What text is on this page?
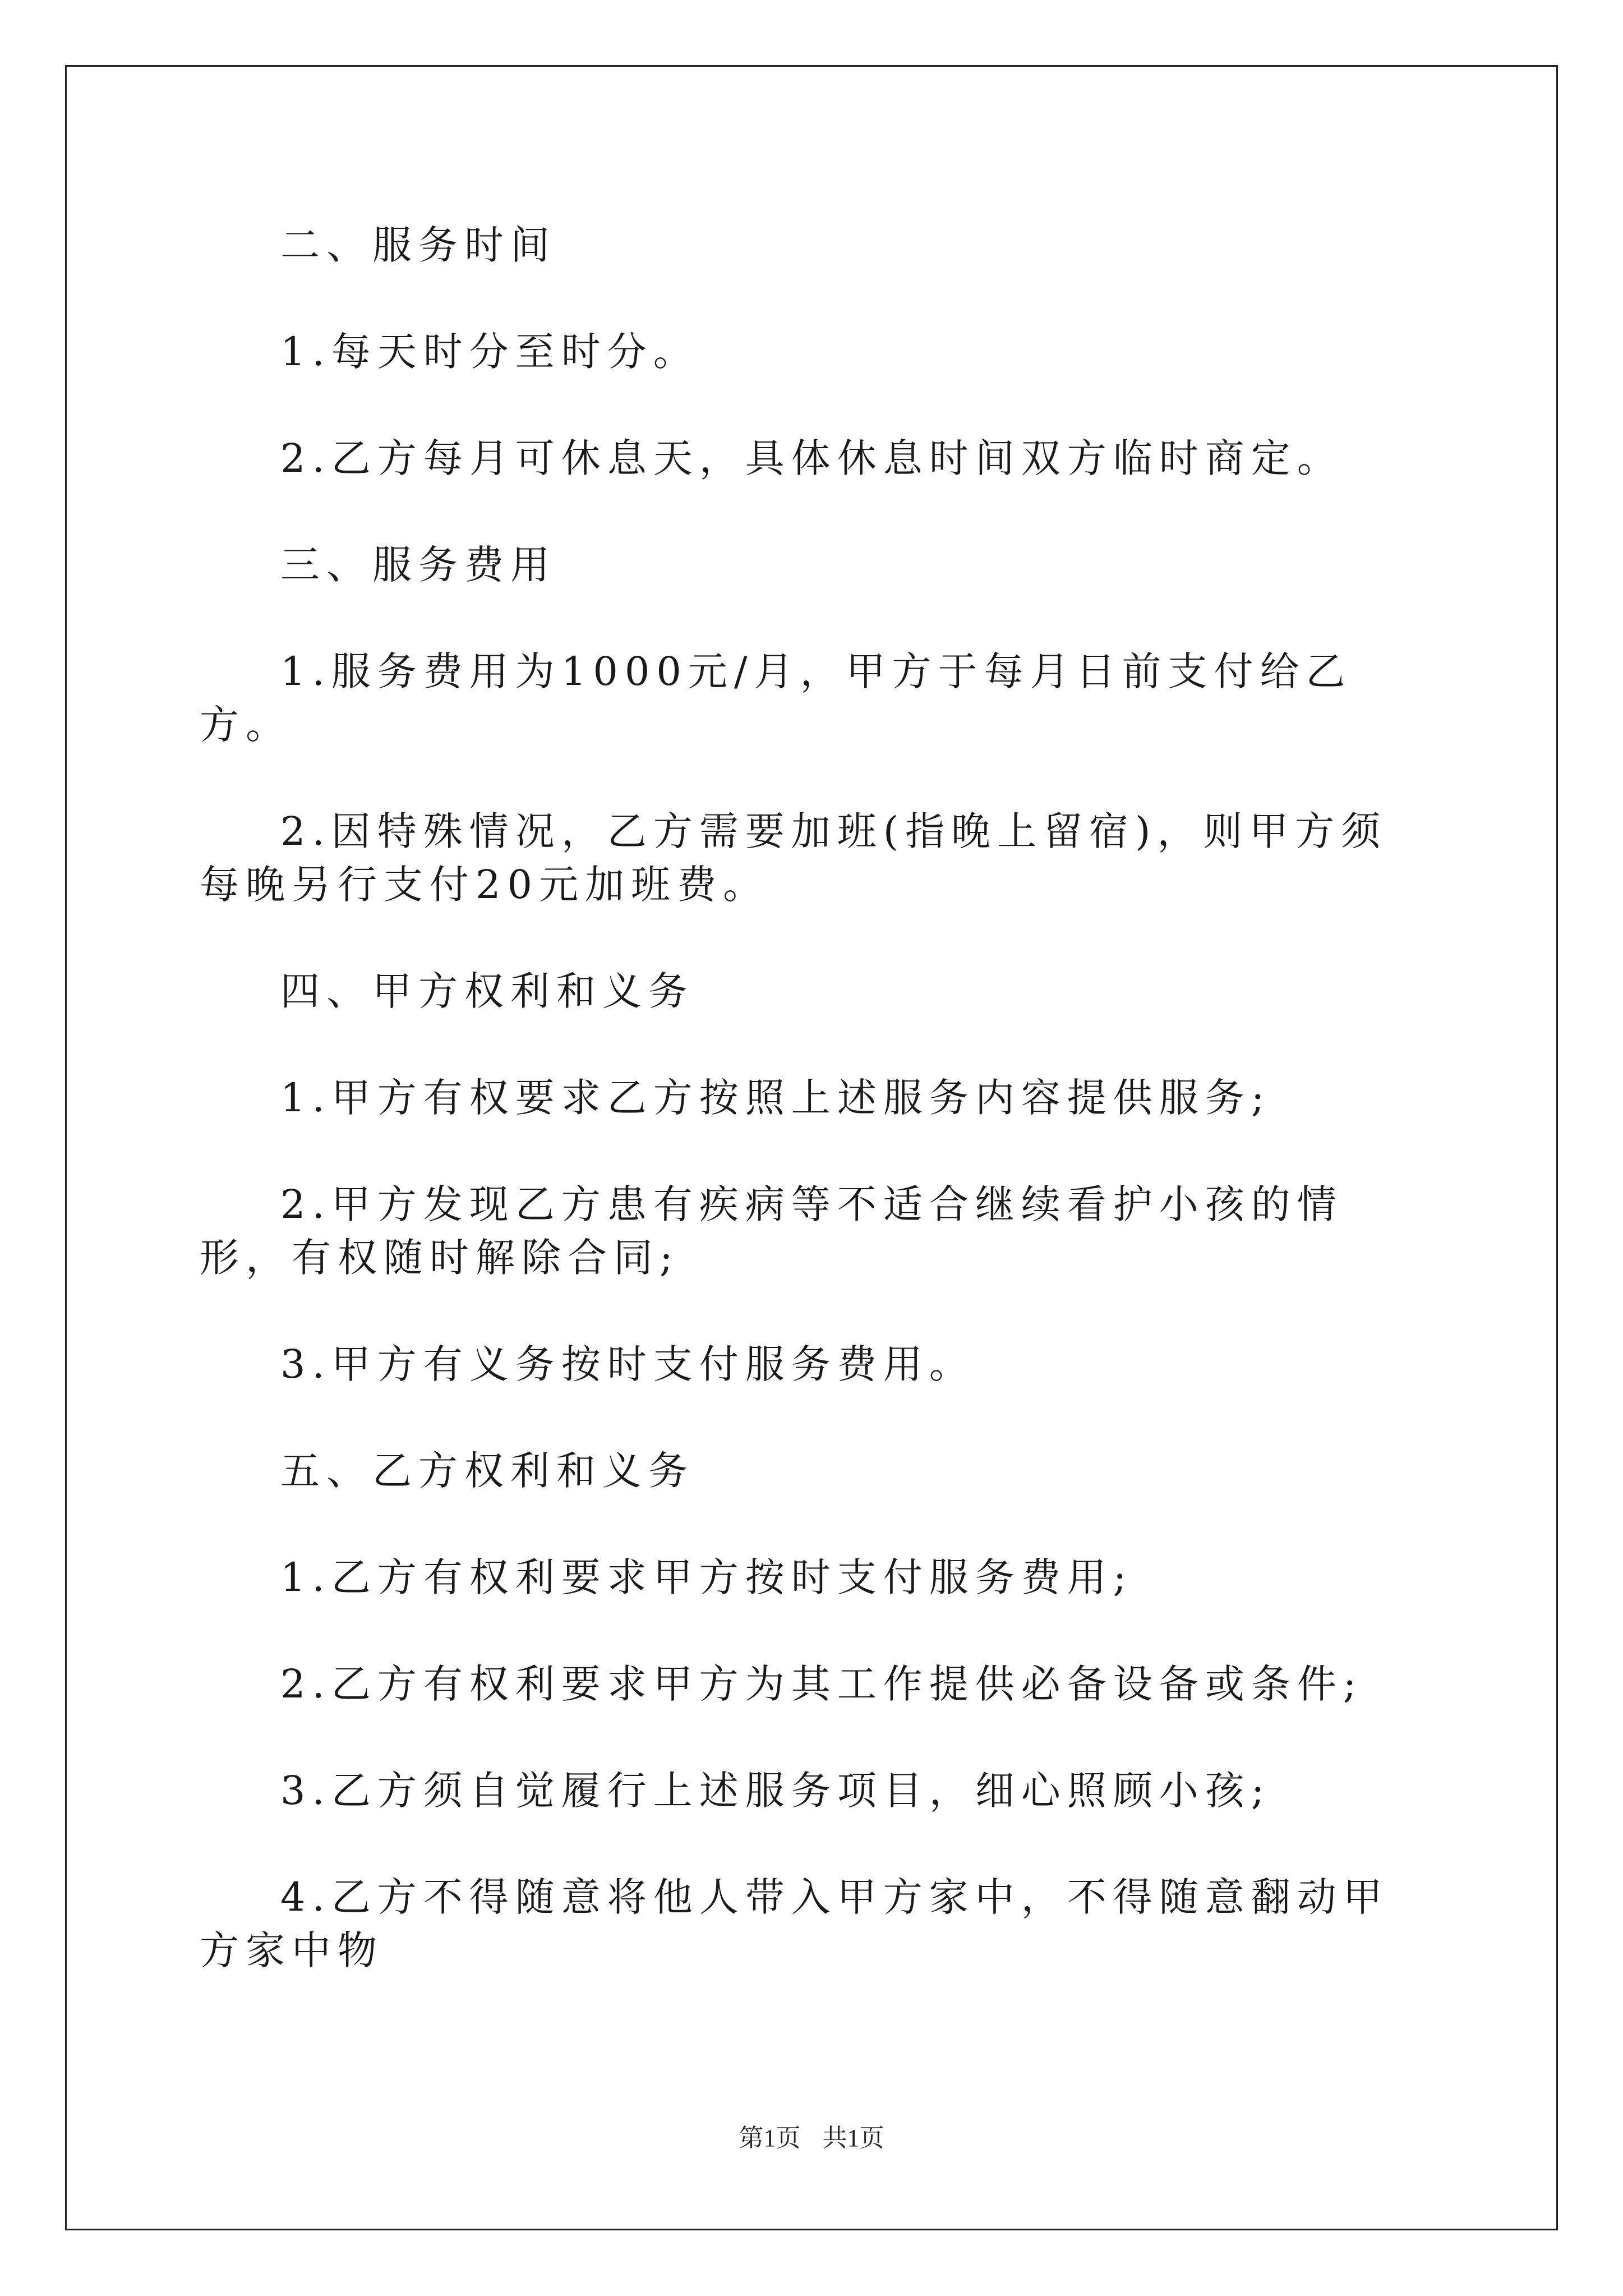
二、服务时间

1.每天时分至时分。

2.乙方每月可休息天，具体休息时间双方临时商定。

三、服务费用

1.服务费用为1000元/月，甲方于每月日前支付给乙方。

2.因特殊情况，乙方需要加班(指晚上留宿)，则甲方须每晚另行支付20元加班费。

四、甲方权利和义务

1.甲方有权要求乙方按照上述服务内容提供服务;

2.甲方发现乙方患有疾病等不适合继续看护小孩的情形，有权随时解除合同;

3.甲方有义务按时支付服务费用。

五、乙方权利和义务

1.乙方有权利要求甲方按时支付服务费用;

2.乙方有权利要求甲方为其工作提供必备设备或条件;

3.乙方须自觉履行上述服务项目，细心照顾小孩;

4.乙方不得随意将他人带入甲方家中，不得随意翻动甲方家中物

第1页 共1页
